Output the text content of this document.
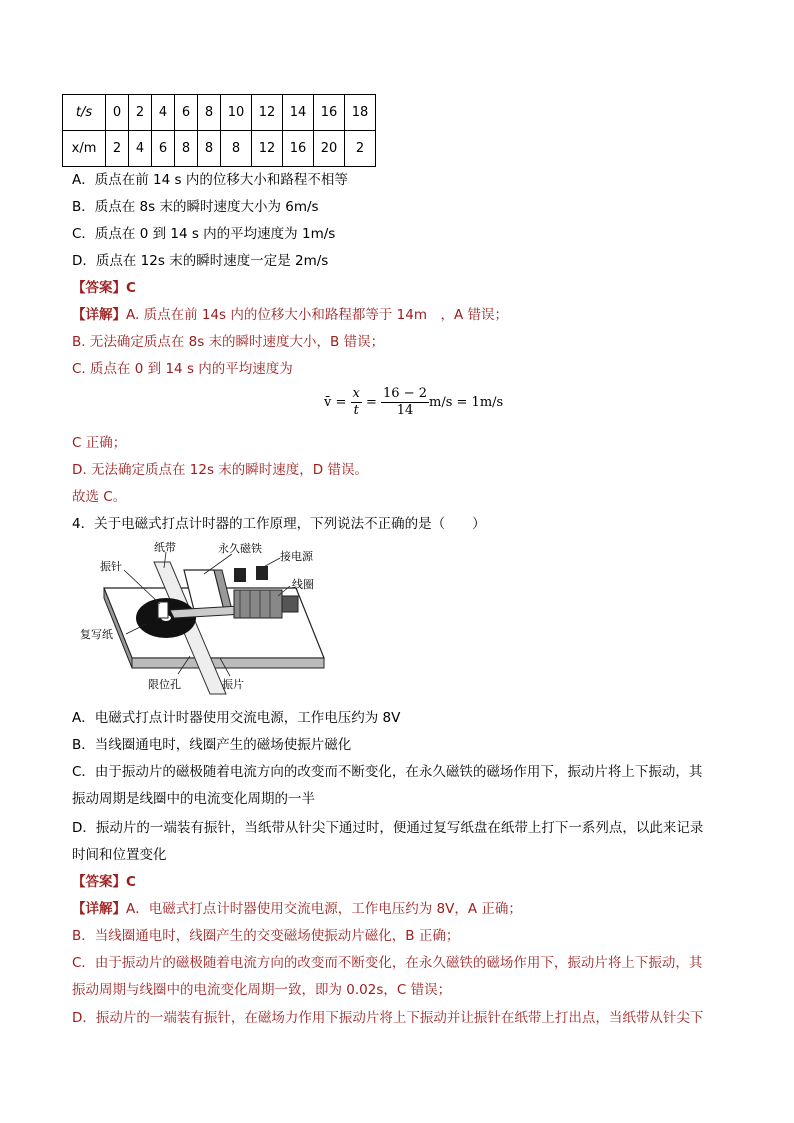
t/s	0	2	4	6	8	10	12	14	16	18
x/m	2	4	6	8	8	8	12	16	20	2
A．质点在前 14 s 内的位移大小和路程不相等
B．质点在 8s 末的瞬时速度大小为 6m/s
C．质点在 0 到 14 s 内的平均速度为 1m/s
D．质点在 12s 末的瞬时速度一定是 2m/s
【答案】C
【详解】A. 质点在前 14s 内的位移大小和路程都等于 14m　，A 错误；
B. 无法确定质点在 8s 末的瞬时速度大小，B 错误；
C. 质点在 0 到 14 s 内的平均速度为
v̄ = $\frac{x}{t} = \frac{16 - 2}{14} m/s = 1m/s$
C 正确；
D. 无法确定质点在 12s 末的瞬时速度，D 错误。
故选 C。
4．关于电磁式打点计时器的工作原理，下列说法不正确的是（　　）
纸带	永久磁铁
接电源
线圈
振针
复写纸
限位孔	振片
A．电磁式打点计时器使用交流电源，工作电压约为 8V
B．当线圈通电时，线圈产生的磁场使振片磁化
C．由于振动片的磁极随着电流方向的改变而不断变化，在永久磁铁的磁场作用下，振动片将上下振动，其
振动周期是线圈中的电流变化周期的一半
D．振动片的一端装有振针，当纸带从针尖下通过时，便通过复写纸盘在纸带上打下一系列点，以此来记录
时间和位置变化
【答案】C
【详解】A．电磁式打点计时器使用交流电源，工作电压约为 8V，A 正确；
B．当线圈通电时，线圈产生的交变磁场使振动片磁化，B 正确；
C．由于振动片的磁极随着电流方向的改变而不断变化，在永久磁铁的磁场作用下，振动片将上下振动，其
振动周期与线圈中的电流变化周期一致，即为 0.02s，C 错误；
D．振动片的一端装有振针，在磁场力作用下振动片将上下振动并让振针在纸带上打出点，当纸带从针尖下
